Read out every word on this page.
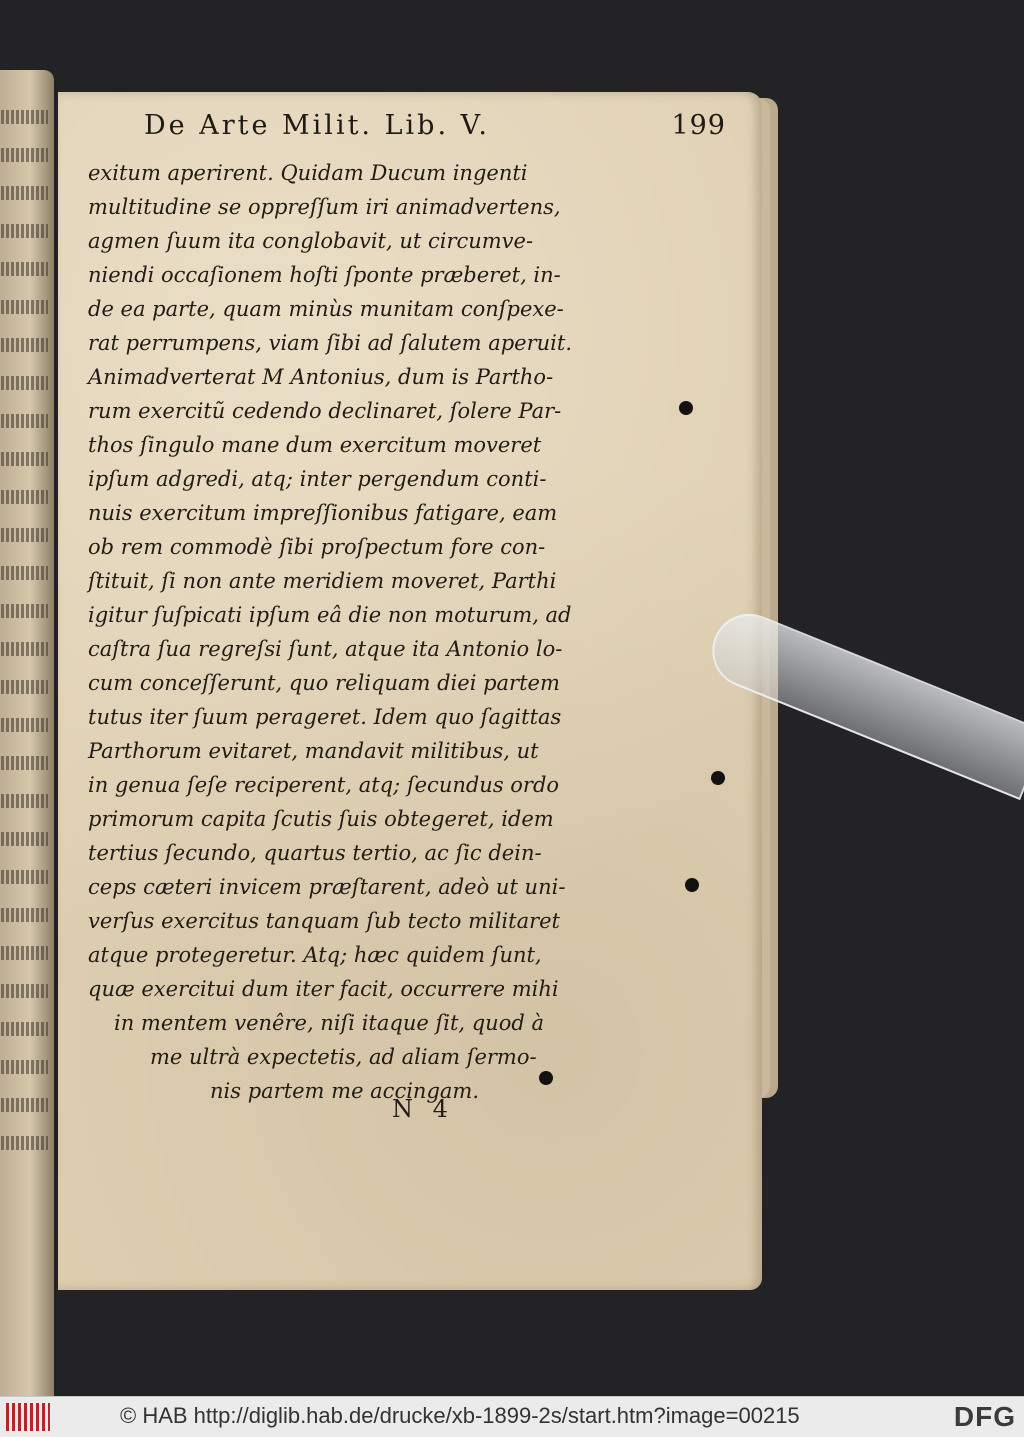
De Arte Milit. Lib. V.	199
exitum aperirent. Quidam Ducum ingenti
multitudine se oppreſſum iri animadvertens,
agmen ſuum ita conglobavit, ut circumve-
niendi occaſionem hoſti ſponte præberet, in-
de ea parte, quam minùs munitam conſpexe-
rat perrumpens, viam ſibi ad ſalutem aperuit.
Animadverterat M Antonius, dum is Partho-
rum exercitũ cedendo declinaret, ſolere Par-
thos ſingulo mane dum exercitum moveret
ipſum adgredi, atq; inter pergendum conti-
nuis exercitum impreſſionibus fatigare, eam
ob rem commodè ſibi proſpectum fore con-
ſtituit, ſi non ante meridiem moveret, Parthi
igitur ſuſpicati ipſum eâ die non moturum, ad
caſtra ſua regreſsi ſunt, atque ita Antonio lo-
cum conceſſerunt, quo reliquam diei partem
tutus iter ſuum perageret. Idem quo ſagittas
Parthorum evitaret, mandavit militibus, ut
in genua ſeſe reciperent, atq; ſecundus ordo
primorum capita ſcutis ſuis obtegeret, idem
tertius ſecundo, quartus tertio, ac ſic dein-
ceps cæteri invicem præſtarent, adeò ut uni-
verſus exercitus tanquam ſub tecto militaret
atque protegeretur. Atq; hæc quidem ſunt,
quæ exercitui dum iter facit, occurrere mihi
in mentem venêre, niſi itaque ſit, quod à
me ultrà expectetis, ad aliam ſermo-
nis partem me accingam.
N 4
© HAB http://diglib.hab.de/drucke/xb-1899-2s/start.htm?image=00215	DFG
